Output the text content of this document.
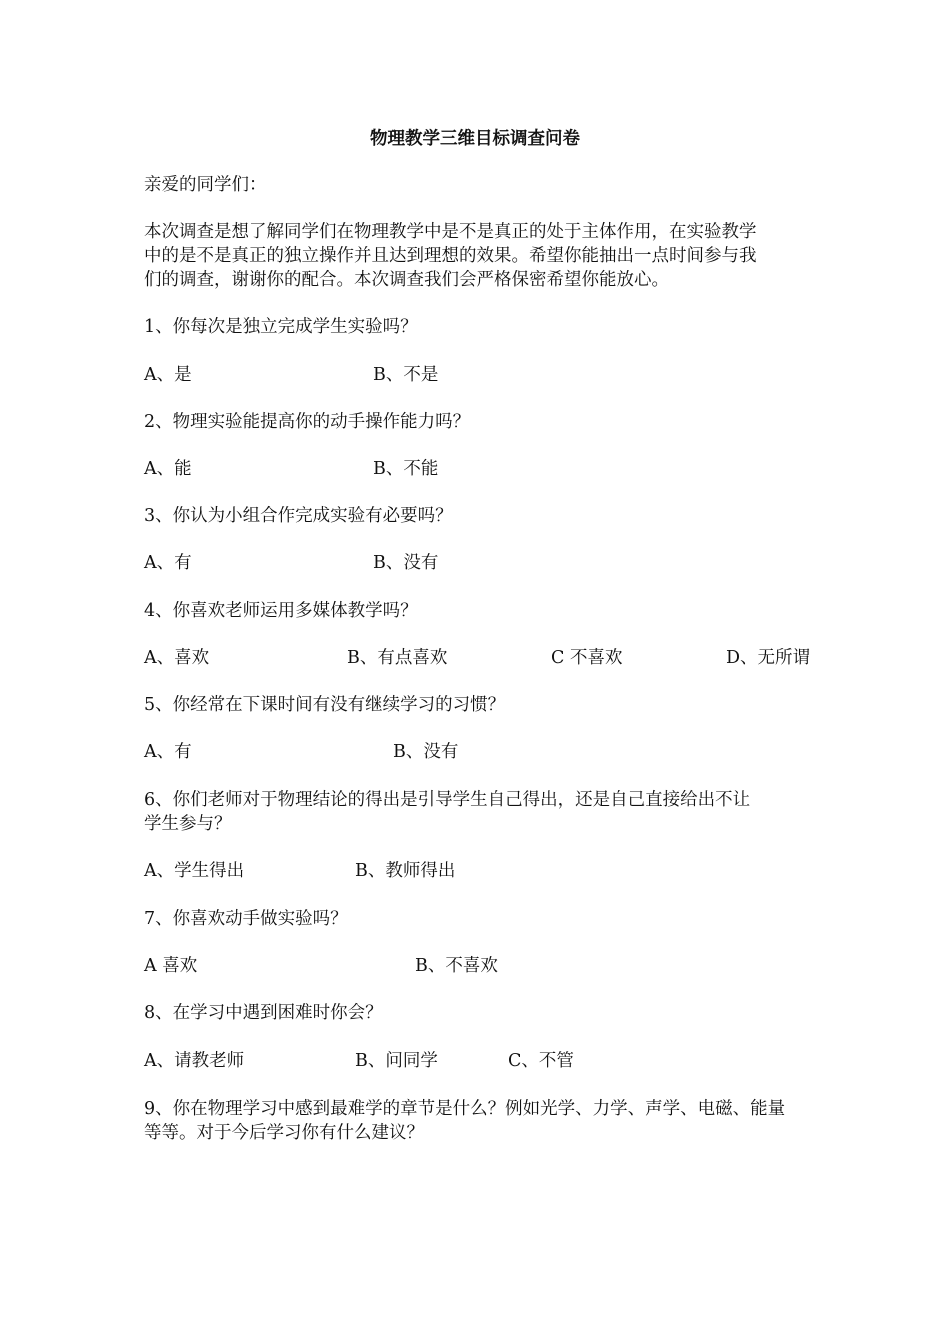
物理教学三维目标调查问卷
亲爱的同学们：
本次调查是想了解同学们在物理教学中是不是真正的处于主体作用，在实验教学
中的是不是真正的独立操作并且达到理想的效果。希望你能抽出一点时间参与我
们的调查，谢谢你的配合。本次调查我们会严格保密希望你能放心。
1、你每次是独立完成学生实验吗？
A、是	B、不是
2、物理实验能提高你的动手操作能力吗？
A、能	B、不能
3、你认为小组合作完成实验有必要吗？
A、有	B、没有
4、你喜欢老师运用多媒体教学吗？
A、喜欢	B、有点喜欢	C 不喜欢	D、无所谓
5、你经常在下课时间有没有继续学习的习惯？
A、有	B、没有
6、你们老师对于物理结论的得出是引导学生自己得出，还是自己直接给出不让
学生参与？
A、学生得出	B、教师得出
7、你喜欢动手做实验吗？
A 喜欢	B、不喜欢
8、在学习中遇到困难时你会？
A、请教老师	B、问同学	C、不管
9、你在物理学习中感到最难学的章节是什么？例如光学、力学、声学、电磁、能量
等等。对于今后学习你有什么建议？
